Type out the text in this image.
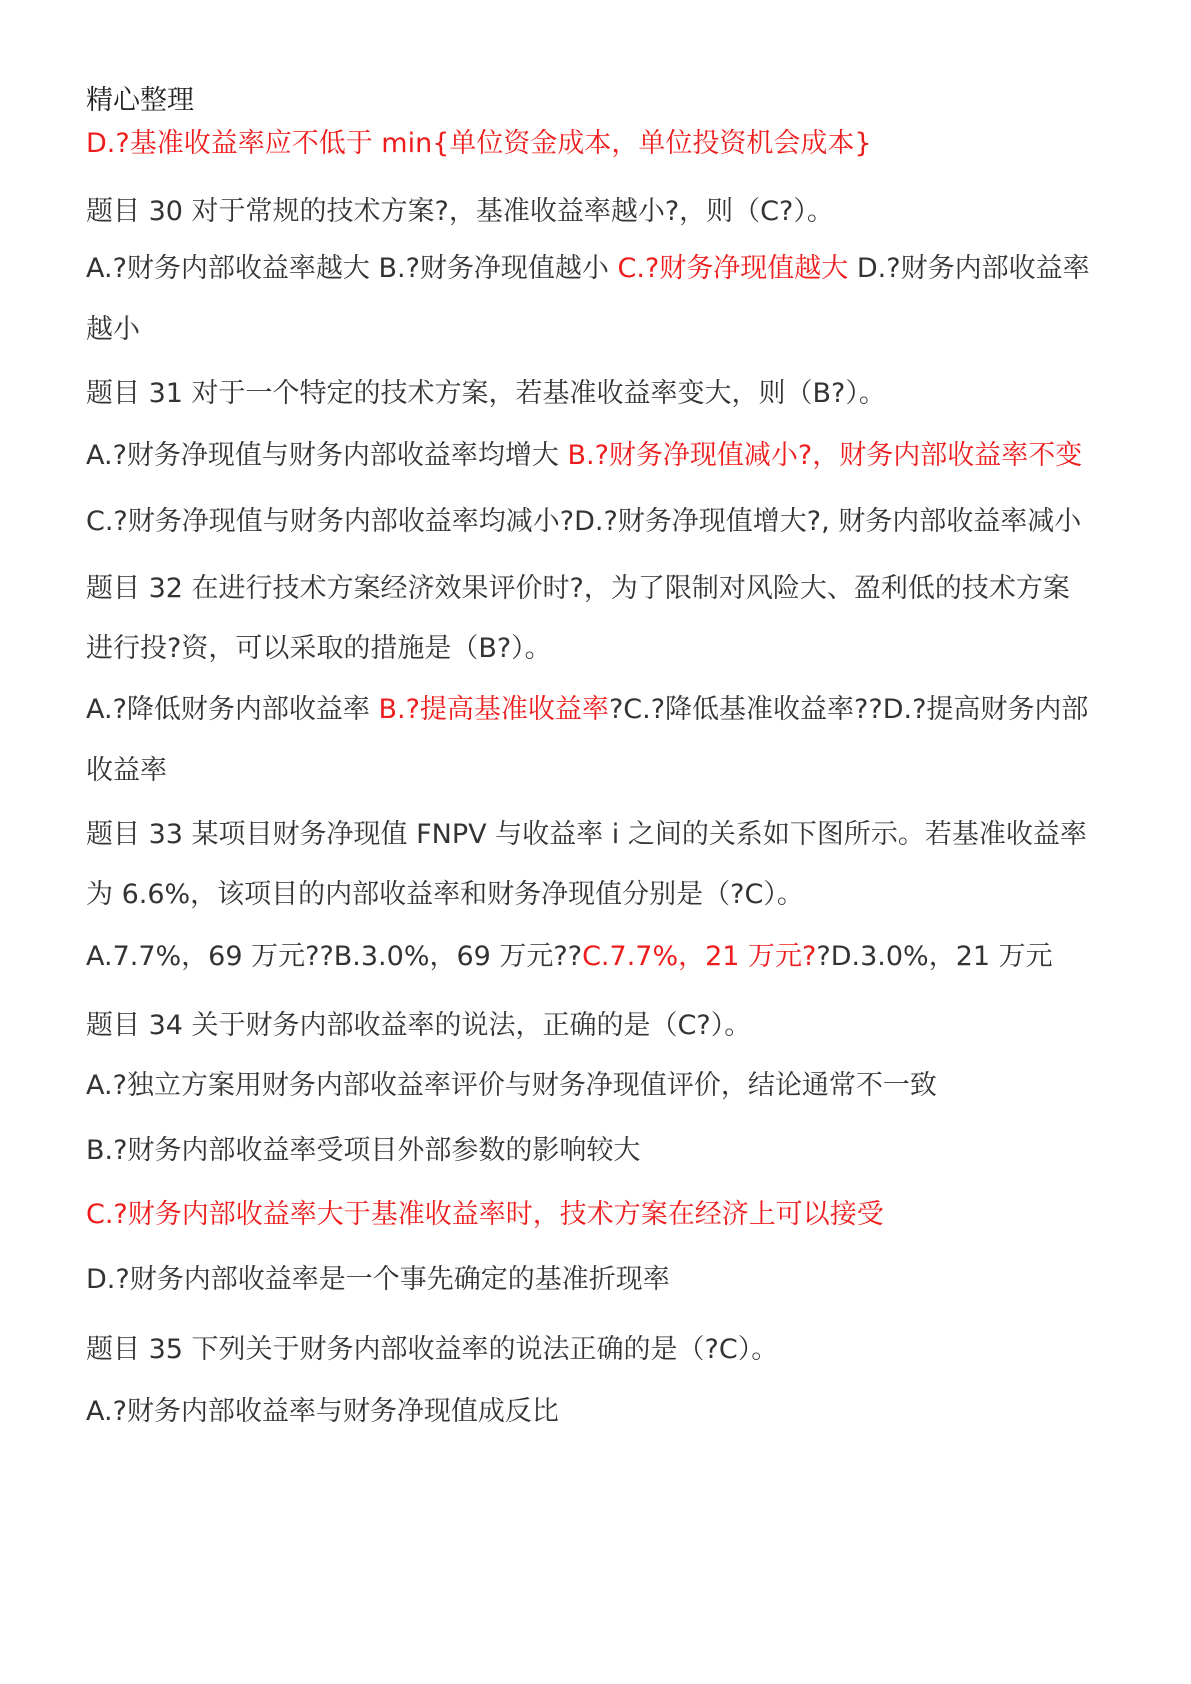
精心整理
D.?基准收益率应不低于 min{单位资金成本，单位投资机会成本}
题目 30 对于常规的技术方案?，基准收益率越小?，则（C?）。
A.?财务内部收益率越大 B.?财务净现值越小 C.?财务净现值越大 D.?财务内部收益率
越小
题目 31 对于一个特定的技术方案，若基准收益率变大，则（B?）。
A.?财务净现值与财务内部收益率均增大 B.?财务净现值减小?，财务内部收益率不变
C.?财务净现值与财务内部收益率均减小?D.?财务净现值增大?, 财务内部收益率减小
题目 32 在进行技术方案经济效果评价时?，为了限制对风险大、盈利低的技术方案
进行投?资，可以采取的措施是（B?）。
A.?降低财务内部收益率 B.?提高基准收益率?C.?降低基准收益率??D.?提高财务内部
收益率
题目 33 某项目财务净现值 FNPV 与收益率 i 之间的关系如下图所示。若基准收益率
为 6.6%，该项目的内部收益率和财务净现值分别是（?C）。
A.7.7%，69 万元??B.3.0%，69 万元??C.7.7%，21 万元??D.3.0%，21 万元
题目 34 关于财务内部收益率的说法，正确的是（C?）。
A.?独立方案用财务内部收益率评价与财务净现值评价，结论通常不一致
B.?财务内部收益率受项目外部参数的影响较大
C.?财务内部收益率大于基准收益率时，技术方案在经济上可以接受
D.?财务内部收益率是一个事先确定的基准折现率
题目 35 下列关于财务内部收益率的说法正确的是（?C）。
A.?财务内部收益率与财务净现值成反比
